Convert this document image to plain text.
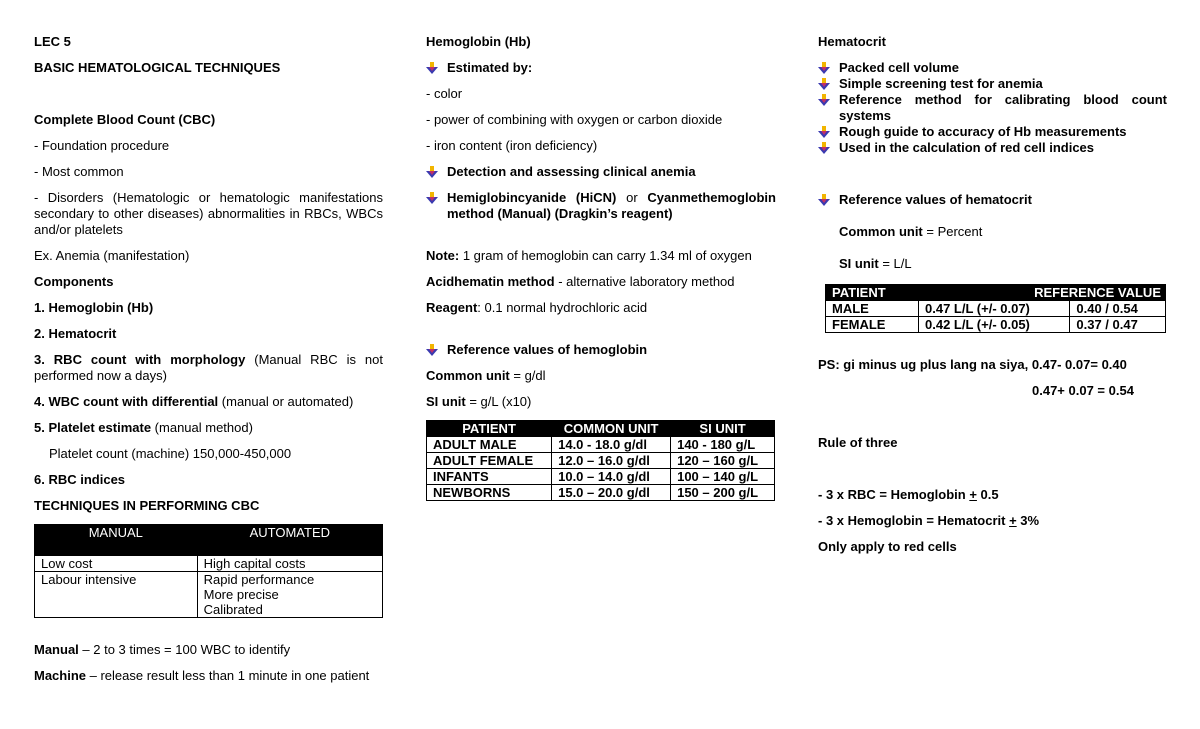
LEC 5

BASIC HEMATOLOGICAL TECHNIQUES

Complete Blood Count (CBC)

- Foundation procedure

- Most common

- Disorders (Hematologic or hematologic manifestations secondary to other diseases) abnormalities in RBCs, WBCs and/or platelets

Ex. Anemia (manifestation)

Components

1. Hemoglobin (Hb)

2. Hematocrit

3. RBC count with morphology (Manual RBC is not performed now a days)

4. WBC count with differential (manual or automated)

5. Platelet estimate (manual method)

Platelet count (machine) 150,000-450,000

6. RBC indices

TECHNIQUES IN PERFORMING CBC

MANUAL	AUTOMATED
Low cost	High capital costs
Labour intensive	Rapid performance
More precise
Calibrated

Manual – 2 to 3 times = 100 WBC to identify

Machine – release result less than 1 minute in one patient

Hemoglobin (Hb)

Estimated by:

- color

- power of combining with oxygen or carbon dioxide

- iron content (iron deficiency)

Detection and assessing clinical anemia

Hemiglobincyanide (HiCN) or Cyanmethemoglobin method (Manual) (Dragkin’s reagent)

Note: 1 gram of hemoglobin can carry 1.34 ml of oxygen

Acidhematin method - alternative laboratory method

Reagent: 0.1 normal hydrochloric acid

Reference values of hemoglobin

Common unit = g/dl

SI unit = g/L (x10)

PATIENT	COMMON UNIT	SI UNIT
ADULT MALE	14.0 - 18.0 g/dl	140 - 180 g/L
ADULT FEMALE	12.0 – 16.0 g/dl	120 – 160 g/L
INFANTS	10.0 – 14.0 g/dl	100 – 140 g/L
NEWBORNS	15.0 – 20.0 g/dl	150 – 200 g/L

Hematocrit

Packed cell volume

Simple screening test for anemia

Reference method for calibrating blood count systems

Rough guide to accuracy of Hb measurements

Used in the calculation of red cell indices

Reference values of hematocrit

Common unit = Percent

SI unit = L/L

PATIENT	REFERENCE VALUE	
MALE	0.47 L/L (+/- 0.07)	0.40 / 0.54
FEMALE	0.42 L/L (+/- 0.05)	0.37 / 0.47

PS: gi minus ug plus lang na siya, 0.47- 0.07= 0.40

0.47+ 0.07 = 0.54

Rule of three

- 3 x RBC = Hemoglobin + 0.5

- 3 x Hemoglobin = Hematocrit + 3%

Only apply to red cells
